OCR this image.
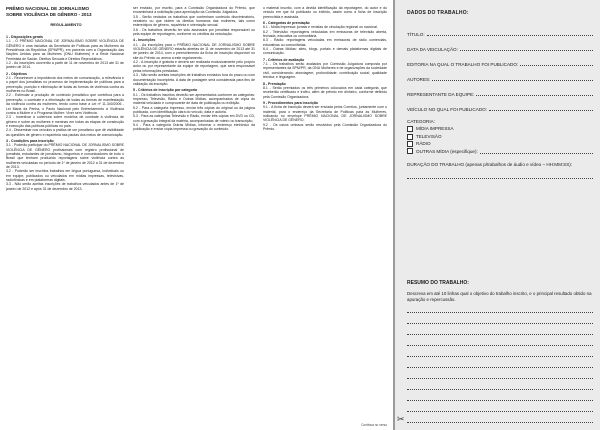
PRÊMIO NACIONAL DE JORNALISMO
SOBRE VIOLÊNCIA DE GÊNERO - 2013
REGULAMENTO
1 - Disposições gerais
1.1 - O PRÊMIO NACIONAL DE JORNALISMO SOBRE VIOLÊNCIA DE GÊNERO é uma iniciativa da Secretaria de Políticas para as Mulheres da Presidência da República (SPM/PR), em parceria com a Organização das Nações Unidas para as Mulheres (ONU Mulheres) e a Rede Nacional Feminista de Saúde, Direitos Sexuais e Direitos Reprodutivos.
1.2 - As inscrições ocorrerão a partir de 11 de novembro de 2013 até 31 de janeiro de 2014.
2 - Objetivos
2.1 - Reconhecer a importância dos meios de comunicação, a relevância e o papel dos jornalistas no processo de implementação de políticas para a prevenção, punição e eliminação de todas as formas de violência contra as mulheres no Brasil.
2.2 - Estimular a produção de conteúdo jornalístico que contribua para a prevenção, o combate e a eliminação de todas as formas de manifestação da violência contra as mulheres, tendo como base a Lei nº 11.340/2006 - Lei Maria da Penha, o Pacto Nacional pelo Enfrentamento à Violência contra a Mulher e o Programa Mulher: Viver sem Violência.
2.3 - Incentivar a cobertura sobre modelos de combate à violência de gênero e sobre as mulheres e meninas em todas as etapas de construção e execução das políticas públicas no país.
2.4 - Disseminar nos veículos a prática de um jornalismo que dê visibilidade às questões de gênero e raça/etnia nas pautas dos meios de comunicação.
3 - Condições para inscrição
3.1 - Poderão participar do PRÊMIO NACIONAL DE JORNALISMO SOBRE VIOLÊNCIA DE GÊNERO profissionais com registro profissional de jornalista, estudantes de jornalismo, blogueiros e comunicadores de todo o Brasil que tenham produzido reportagens sobre violência contra as mulheres veiculadas no período de 1º de janeiro de 2012 a 31 de dezembro de 2013.
3.2 - Poderão ser inscritos trabalhos em língua portuguesa, individuais ou em equipe, publicados ou veiculados em mídias impressas, televisivas, radiofônicas e em plataformas digitais.
3.3 - Não serão aceitas inscrições de trabalhos veiculados antes de 1º de janeiro de 2012 e após 31 de dezembro de 2013.
ser enviado, por escrito, para a Comissão Organizadora do Prêmio, que encaminhará a solicitação para apreciação da Comissão Julgadora.
3.5 - Serão vedados os trabalhos que contenham conteúdo discriminatório, vexatório ou que violem os direitos humanos das mulheres, tais como estereótipos de gênero, raça/etnia e orientação sexual.
3.6 - Os trabalhos deverão ter sido assinados por jornalista responsável ou pela equipe de reportagem, conforme os créditos da veiculação.
4 - Inscrições
4.1 - As inscrições para o PRÊMIO NACIONAL DE JORNALISMO SOBRE VIOLÊNCIA DE GÊNERO estarão abertas de 11 de novembro de 2013 até 31 de janeiro de 2014, com o preenchimento da ficha de inscrição disponível no site do Prêmio ou anexa a este regulamento.
4.2 - A inscrição é gratuita e deverá ser realizada exclusivamente pelo próprio autor ou por representante da equipe de reportagem, que será responsável pelas informações prestadas.
4.3 - Não serão aceitas inscrições de trabalhos enviados fora do prazo ou com documentação incompleta. A data de postagem será considerada para fins de validação da inscrição.
5 - Critérios de inscrição por categoria
5.1 - Os trabalhos inscritos deverão ser apresentados conforme as categorias: Impresso, Televisão, Rádio e Outras Mídias, acompanhados de cópia do material veiculado e comprovante de data de publicação ou exibição.
5.2 - Para a categoria Impresso, enviar três cópias do original ou da página publicada, com identificação clara do veículo, data e autoria.
5.3 - Para as categorias Televisão e Rádio, enviar três cópias em DVD ou CD, com a gravação integral da matéria, acompanhadas de roteiro ou transcrição.
5.4 - Para a categoria Outras Mídias, informar o endereço eletrônico da publicação e enviar cópia impressa ou gravação do conteúdo.
o material inscrito, com a devida identificação da reportagem, do autor e do veículo em que foi publicado ou exibido, assim como a ficha de inscrição preenchida e assinada.
6 - Categorias de premiação
6.1 - Mídia Impressa: jornais e revistas de circulação regional ou nacional.
6.2 - Televisão: reportagens veiculadas em emissoras de televisão aberta, fechada, educativa ou comunitária.
6.3 - Rádio: reportagens veiculadas em emissoras de rádio comerciais, educativas ou comunitárias.
6.4 - Outras Mídias: sites, blogs, portais e demais plataformas digitais de comunicação.
7 - Critérios de avaliação
7.1 - Os trabalhos serão avaliados por Comissão Julgadora composta por representantes da SPM/PR, da ONU Mulheres e de organizações da sociedade civil, considerando: abordagem; profundidade; contribuição social; qualidade técnica; e linguagem.
8 - Premiação
8.1 - Serão premiados os três primeiros colocados em cada categoria, que receberão certificado e troféu, além de prêmio em dinheiro, conforme definido pela Comissão Organizadora.
9 - Procedimentos para inscrição
9.1 - A ficha de inscrição deverá ser enviada pelos Correios, juntamente com o material, para o endereço da Secretaria de Políticas para as Mulheres, indicando no envelope PRÊMIO NACIONAL DE JORNALISMO SOBRE VIOLÊNCIA DE GÊNERO.
9.2 - Os casos omissos serão resolvidos pela Comissão Organizadora do Prêmio.
Continua no verso
DADOS DO TRABALHO:
TÍTULO:
DATA DA VEICULAÇÃO:
EDITORIA NA QUAL O TRABALHO FOI PUBLICADO:
AUTORES:
REPRESENTANTE DA EQUIPE:
VEÍCULO NO QUAL FOI PUBLICADO:
CATEGORIA:
MÍDIA IMPRESSA
TELEVISÃO
RÁDIO
OUTRAS MÍDIA (especifique):
DURAÇÃO DO TRABALHO (apenas p/trabalhos de áudio e vídeo – HH:MM:SS):
RESUMO DO TRABALHO:
Descreva em até 10 linhas qual o objetivo do trabalho inscrito, e o principal resultado obtido na apuração e repercussão.
✂
